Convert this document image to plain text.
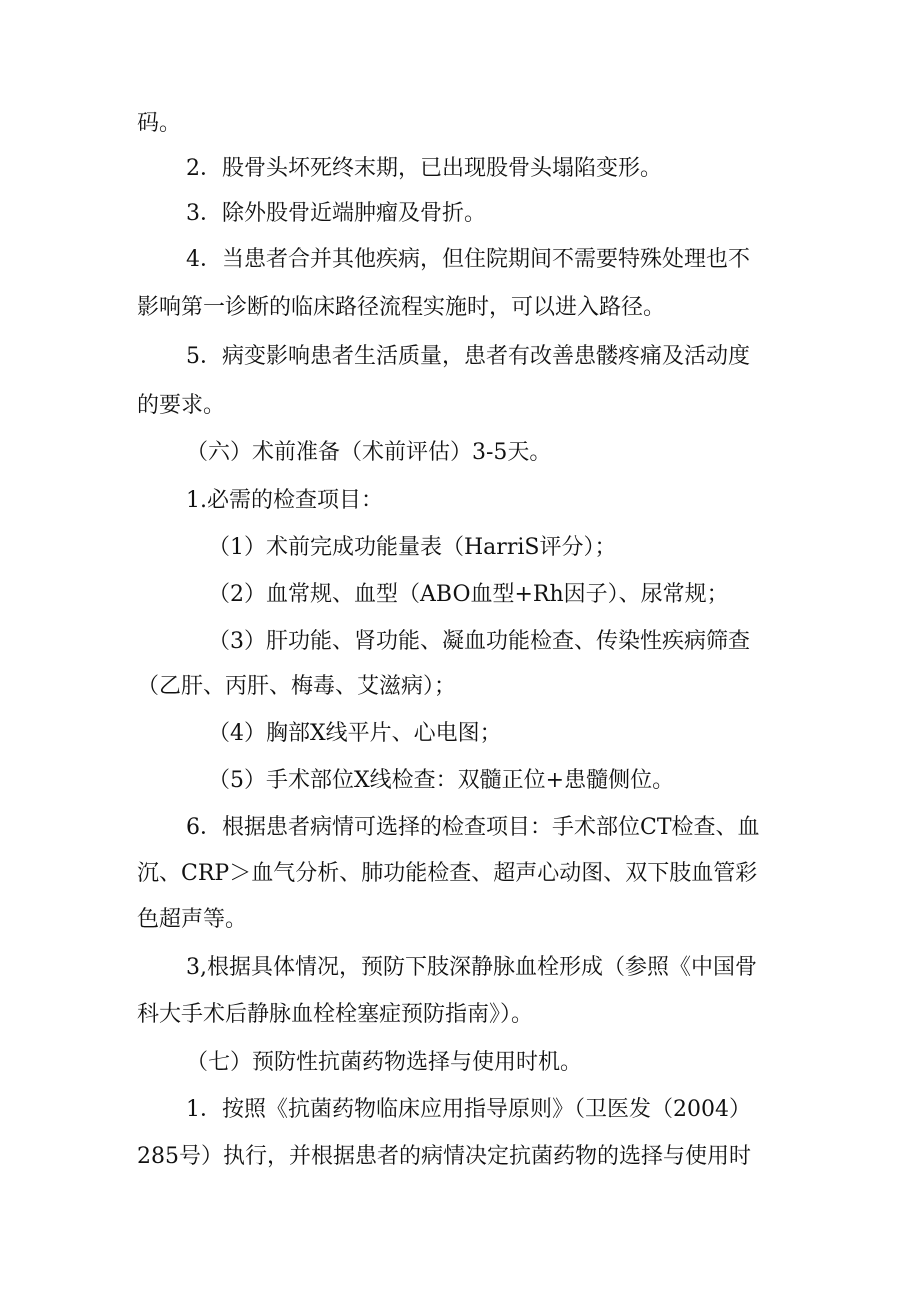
码。
2．股骨头坏死终末期，已出现股骨头塌陷变形。
3．除外股骨近端肿瘤及骨折。
4．当患者合并其他疾病，但住院期间不需要特殊处理也不
影响第一诊断的临床路径流程实施时，可以进入路径。
5．病变影响患者生活质量，患者有改善患髅疼痛及活动度
的要求。
（六）术前准备（术前评估）3-5天。
1.必需的检查项目：
（1）术前完成功能量表（HarriS评分）；
（2）血常规、血型（ABO血型+Rh因子）、尿常规；
（3）肝功能、肾功能、凝血功能检查、传染性疾病筛查
（乙肝、丙肝、梅毒、艾滋病）；
（4）胸部X线平片、心电图；
（5）手术部位X线检查：双髓正位+患髓侧位。
6．根据患者病情可选择的检查项目：手术部位CT检查、血
沉、CRP＞血气分析、肺功能检查、超声心动图、双下肢血管彩
色超声等。
3,根据具体情况，预防下肢深静脉血栓形成（参照《中国骨
科大手术后静脉血栓栓塞症预防指南》）。
（七）预防性抗菌药物选择与使用时机。
1．按照《抗菌药物临床应用指导原则》（卫医发（2004）
285号）执行，并根据患者的病情决定抗菌药物的选择与使用时
